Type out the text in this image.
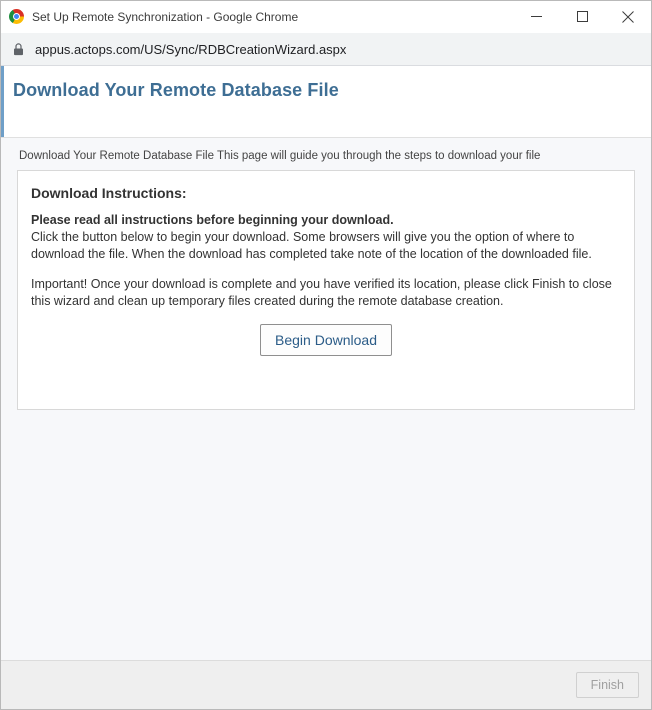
Set Up Remote Synchronization - Google Chrome
appus.actops.com/US/Sync/RDBCreationWizard.aspx
Download Your Remote Database File
Download Your Remote Database File This page will guide you through the steps to download your file
Download Instructions:
Please read all instructions before beginning your download.
Click the button below to begin your download. Some browsers will give you the option of where to download the file. When the download has completed take note of the location of the downloaded file.
Important! Once your download is complete and you have verified its location, please click Finish to close this wizard and clean up temporary files created during the remote database creation.
Begin Download
Finish
